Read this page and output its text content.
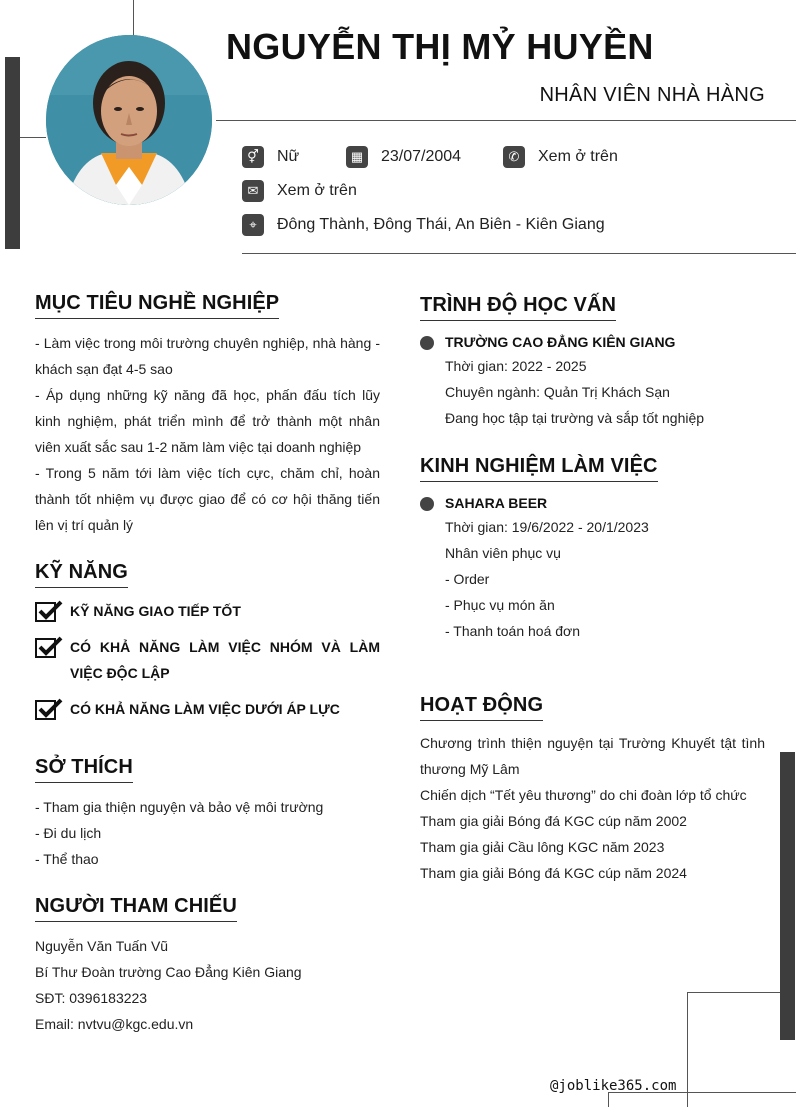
NGUYỄN THỊ MỶ HUYỀN
NHÂN VIÊN NHÀ HÀNG
⚥	Nữ	▦	23/07/2004	✆	Xem ở trên
✉	Xem ở trên
⌖	Đông Thành, Đông Thái, An Biên - Kiên Giang
MỤC TIÊU NGHỀ NGHIỆP
- Làm việc trong môi trường chuyên nghiệp, nhà hàng - khách sạn đạt 4-5 sao
- Áp dụng những kỹ năng đã học, phấn đấu tích lũy kinh nghiệm, phát triển mình để trở thành một nhân viên xuất sắc sau 1-2 năm làm việc tại doanh nghiệp
- Trong 5 năm tới làm việc tích cực, chăm chỉ, hoàn thành tốt nhiệm vụ được giao để có cơ hội thăng tiến lên vị trí quản lý
KỸ NĂNG
KỸ NĂNG GIAO TIẾP TỐT
CÓ KHẢ NĂNG LÀM VIỆC NHÓM VÀ LÀM VIỆC ĐỘC LẬP
CÓ KHẢ NĂNG LÀM VIỆC DƯỚI ÁP LỰC
SỞ THÍCH
- Tham gia thiện nguyện và bảo vệ môi trường
- Đi du lịch
- Thể thao
NGƯỜI THAM CHIẾU
Nguyễn Văn Tuấn Vũ
Bí Thư Đoàn trường Cao Đẳng Kiên Giang
SĐT: 0396183223
Email: nvtvu@kgc.edu.vn
TRÌNH ĐỘ HỌC VẤN
TRƯỜNG CAO ĐẲNG KIÊN GIANG
Thời gian: 2022 - 2025
Chuyên ngành: Quản Trị Khách Sạn
Đang học tập tại trường và sắp tốt nghiệp
KINH NGHIỆM LÀM VIỆC
SAHARA BEER
Thời gian: 19/6/2022 - 20/1/2023
Nhân viên phục vụ
- Order
- Phục vụ món ăn
- Thanh toán hoá đơn
HOẠT ĐỘNG
Chương trình thiện nguyện tại Trường Khuyết tật tình thương Mỹ Lâm
Chiến dịch “Tết yêu thương” do chi đoàn lớp tổ chức
Tham gia giải Bóng đá KGC cúp năm 2002
Tham gia giải Cầu lông KGC năm 2023
Tham gia giải Bóng đá KGC cúp năm 2024
@joblike365.com
